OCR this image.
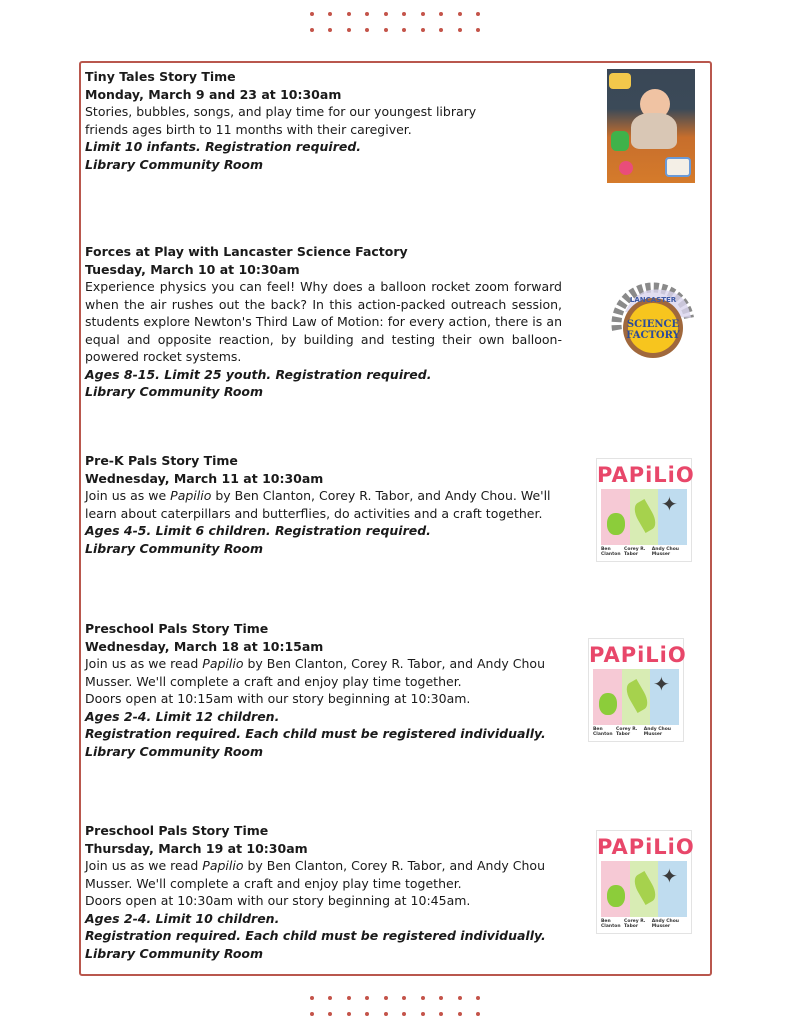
Tiny Tales Story Time
Monday, March 9 and 23 at 10:30am
Stories, bubbles, songs, and play time for our youngest library
friends ages birth to 11 months with their caregiver.
Limit 10 infants. Registration required.
Library Community Room
Forces at Play with Lancaster Science Factory
Tuesday, March 10 at 10:30am
Experience physics you can feel! Why does a balloon rocket zoom forward when the air rushes out the back? In this action-packed outreach session, students explore Newton's Third Law of Motion: for every action, there is an equal and opposite reaction, by building and testing their own balloon-powered rocket systems.
Ages 8-15. Limit 25 youth. Registration required.
Library Community Room
LANCASTER
SCIENCE
FACTORY
Pre-K Pals Story Time
Wednesday, March 11 at 10:30am
Join us as we Papilio by Ben Clanton, Corey R. Tabor, and Andy Chou. We'll learn about caterpillars and butterflies, do activities and a craft together.
Ages 4-5. Limit 6 children. Registration required.
Library Community Room
PAPiLiO
✦
Ben Clanton
Corey R. Tabor
Andy Chou Musser
Preschool Pals Story Time
Wednesday, March 18 at 10:15am
Join us as we read Papilio by Ben Clanton, Corey R. Tabor, and Andy Chou Musser. We'll complete a craft and enjoy play time together.
Doors open at 10:15am with our story beginning at 10:30am.
Ages 2-4. Limit 12 children.
Registration required. Each child must be registered individually.
Library Community Room
PAPiLiO
✦
Ben Clanton
Corey R. Tabor
Andy Chou Musser
Preschool Pals Story Time
Thursday, March 19 at 10:30am
Join us as we read Papilio by Ben Clanton, Corey R. Tabor, and Andy Chou Musser. We'll complete a craft and enjoy play time together.
Doors open at 10:30am with our story beginning at 10:45am.
Ages 2-4. Limit 10 children.
Registration required. Each child must be registered individually.
Library Community Room
PAPiLiO
✦
Ben Clanton
Corey R. Tabor
Andy Chou Musser
